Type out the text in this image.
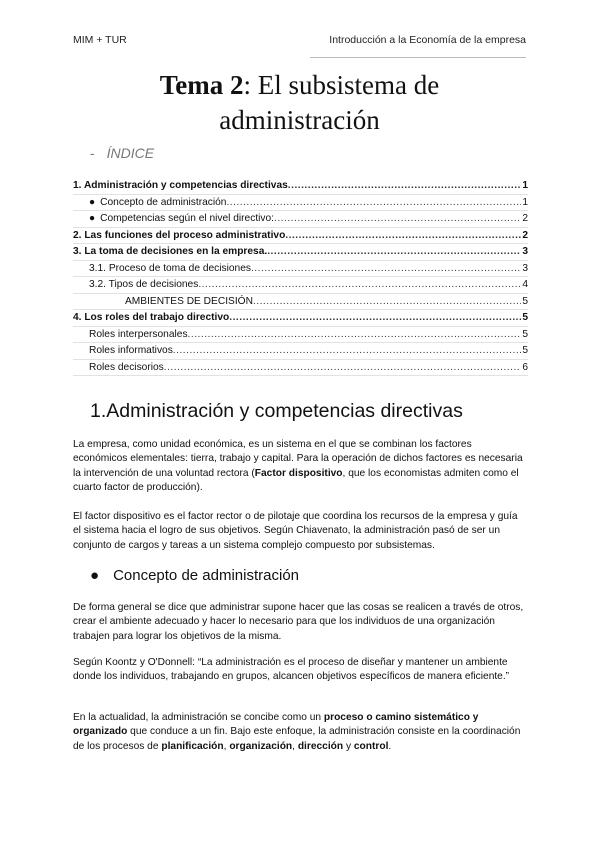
MIM + TUR	Introducción a la Economía de la empresa
Tema 2: El subsistema de
administración
- ÍNDICE
1. Administración y competencias directivas .....	1
● Concepto de administración .....	1
● Competencias según el nivel directivo: .....	2
2. Las funciones del proceso administrativo .....	2
3. La toma de decisiones en la empresa. .....	3
3.1. Proceso de toma de decisiones .....	3
3.2. Tipos de decisiones .....	4
AMBIENTES DE DECISIÓN .....	5
4. Los roles del trabajo directivo .....	5
Roles interpersonales .....	5
Roles informativos .....	5
Roles decisorios .....	6
1.Administración y competencias directivas
La empresa, como unidad económica, es un sistema en el que se combinan los factores económicos elementales: tierra, trabajo y capital. Para la operación de dichos factores es necesaria la intervención de una voluntad rectora (Factor dispositivo, que los economistas admiten como el cuarto factor de producción).
El factor dispositivo es el factor rector o de pilotaje que coordina los recursos de la empresa y guía el sistema hacia el logro de sus objetivos. Según Chiavenato, la administración pasó de ser un conjunto de cargos y tareas a un sistema complejo compuesto por subsistemas.
● Concepto de administración
De forma general se dice que administrar supone hacer que las cosas se realicen a través de otros, crear el ambiente adecuado y hacer lo necesario para que los individuos de una organización trabajen para lograr los objetivos de la misma.
Según Koontz y O'Donnell: “La administración es el proceso de diseñar y mantener un ambiente donde los individuos, trabajando en grupos, alcancen objetivos específicos de manera eficiente.”
En la actualidad, la administración se concibe como un proceso o camino sistemático y organizado que conduce a un fin. Bajo este enfoque, la administración consiste en la coordinación de los procesos de planificación, organización, dirección y control.
